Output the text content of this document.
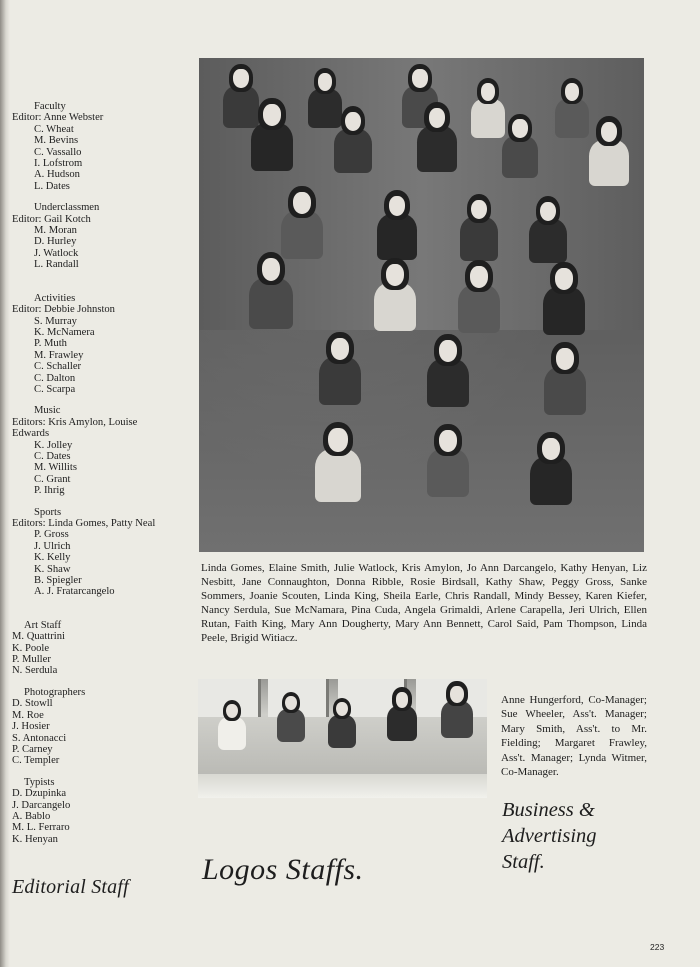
Faculty
Editor: Anne Webster
C. Wheat
M. Bevins
C. Vassallo
I. Lofstrom
A. Hudson
L. Dates
Underclassmen
Editor: Gail Kotch
M. Moran
D. Hurley
J. Watlock
L. Randall
Activities
Editor: Debbie Johnston
S. Murray
K. McNamera
P. Muth
M. Frawley
C. Schaller
C. Dalton
C. Scarpa
Music
Editors: Kris Amylon, Louise Edwards
K. Jolley
C. Dates
M. Willits
C. Grant
P. Ihrig
Sports
Editors: Linda Gomes, Patty Neal
P. Gross
J. Ulrich
K. Kelly
K. Shaw
B. Spiegler
A. J. Fratarcangelo
Art Staff
M. Quattrini
K. Poole
P. Muller
N. Serdula
Photographers
D. Stowll
M. Roe
J. Hosier
S. Antonacci
P. Carney
C. Templer
Typists
D. Dzupinka
J. Darcangelo
A. Bablo
M. L. Ferraro
K. Henyan
Editorial Staff
Linda Gomes, Elaine Smith, Julie Watlock, Kris Amylon, Jo Ann Darcangelo, Kathy Henyan, Liz Nesbitt, Jane Connaughton, Donna Ribble, Rosie Birdsall, Kathy Shaw, Peggy Gross, Sanke Sommers, Joanie Scouten, Linda King, Sheila Earle, Chris Randall, Mindy Bessey, Karen Kiefer, Nancy Serdula, Sue McNamara, Pina Cuda, Angela Grimaldi, Arlene Carapella, Jeri Ulrich, Ellen Rutan, Faith King, Mary Ann Dougherty, Mary Ann Bennett, Carol Said, Pam Thompson, Linda Peele, Brigid Witiacz.
Anne Hungerford, Co-Manager; Sue Wheeler, Ass't. Manager; Mary Smith, Ass't. to Mr. Fielding; Margaret Frawley, Ass't. Manager; Lynda Witmer, Co-Manager.
Business &
Advertising
Staff.
Logos Staffs.
223
